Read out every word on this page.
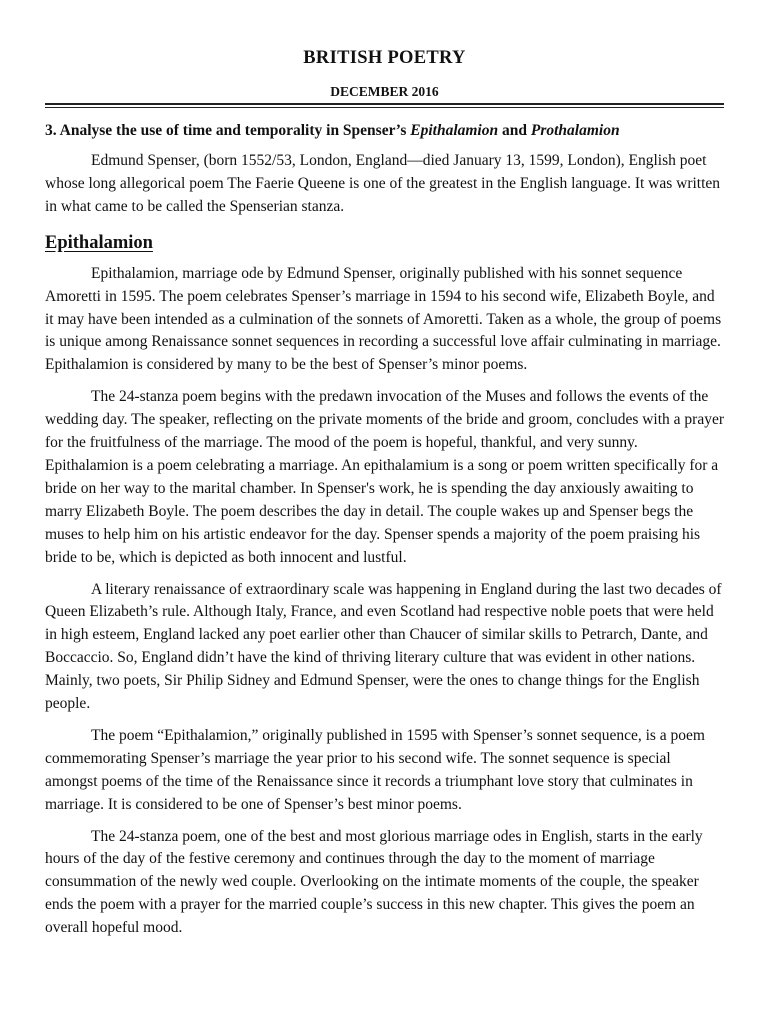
BRITISH POETRY
DECEMBER 2016
3. Analyse the use of time and temporality in Spenser’s Epithalamion and Prothalamion

Edmund Spenser, (born 1552/53, London, England—died January 13, 1599, London), English poet whose long allegorical poem The Faerie Queene is one of the greatest in the English language. It was written in what came to be called the Spenserian stanza.

Epithalamion

Epithalamion, marriage ode by Edmund Spenser, originally published with his sonnet sequence Amoretti in 1595. The poem celebrates Spenser’s marriage in 1594 to his second wife, Elizabeth Boyle, and it may have been intended as a culmination of the sonnets of Amoretti. Taken as a whole, the group of poems is unique among Renaissance sonnet sequences in recording a successful love affair culminating in marriage. Epithalamion is considered by many to be the best of Spenser’s minor poems.

The 24-stanza poem begins with the predawn invocation of the Muses and follows the events of the wedding day. The speaker, reflecting on the private moments of the bride and groom, concludes with a prayer for the fruitfulness of the marriage. The mood of the poem is hopeful, thankful, and very sunny. Epithalamion is a poem celebrating a marriage. An epithalamium is a song or poem written specifically for a bride on her way to the marital chamber. In Spenser's work, he is spending the day anxiously awaiting to marry Elizabeth Boyle. The poem describes the day in detail. The couple wakes up and Spenser begs the muses to help him on his artistic endeavor for the day. Spenser spends a majority of the poem praising his bride to be, which is depicted as both innocent and lustful.

A literary renaissance of extraordinary scale was happening in England during the last two decades of Queen Elizabeth’s rule. Although Italy, France, and even Scotland had respective noble poets that were held in high esteem, England lacked any poet earlier other than Chaucer of similar skills to Petrarch, Dante, and Boccaccio. So, England didn’t have the kind of thriving literary culture that was evident in other nations. Mainly, two poets, Sir Philip Sidney and Edmund Spenser, were the ones to change things for the English people.

The poem “Epithalamion,” originally published in 1595 with Spenser’s sonnet sequence, is a poem commemorating Spenser’s marriage the year prior to his second wife. The sonnet sequence is special amongst poems of the time of the Renaissance since it records a triumphant love story that culminates in marriage. It is considered to be one of Spenser’s best minor poems.

The 24-stanza poem, one of the best and most glorious marriage odes in English, starts in the early hours of the day of the festive ceremony and continues through the day to the moment of marriage consummation of the newly wed couple. Overlooking on the intimate moments of the couple, the speaker ends the poem with a prayer for the married couple’s success in this new chapter. This gives the poem an overall hopeful mood.
